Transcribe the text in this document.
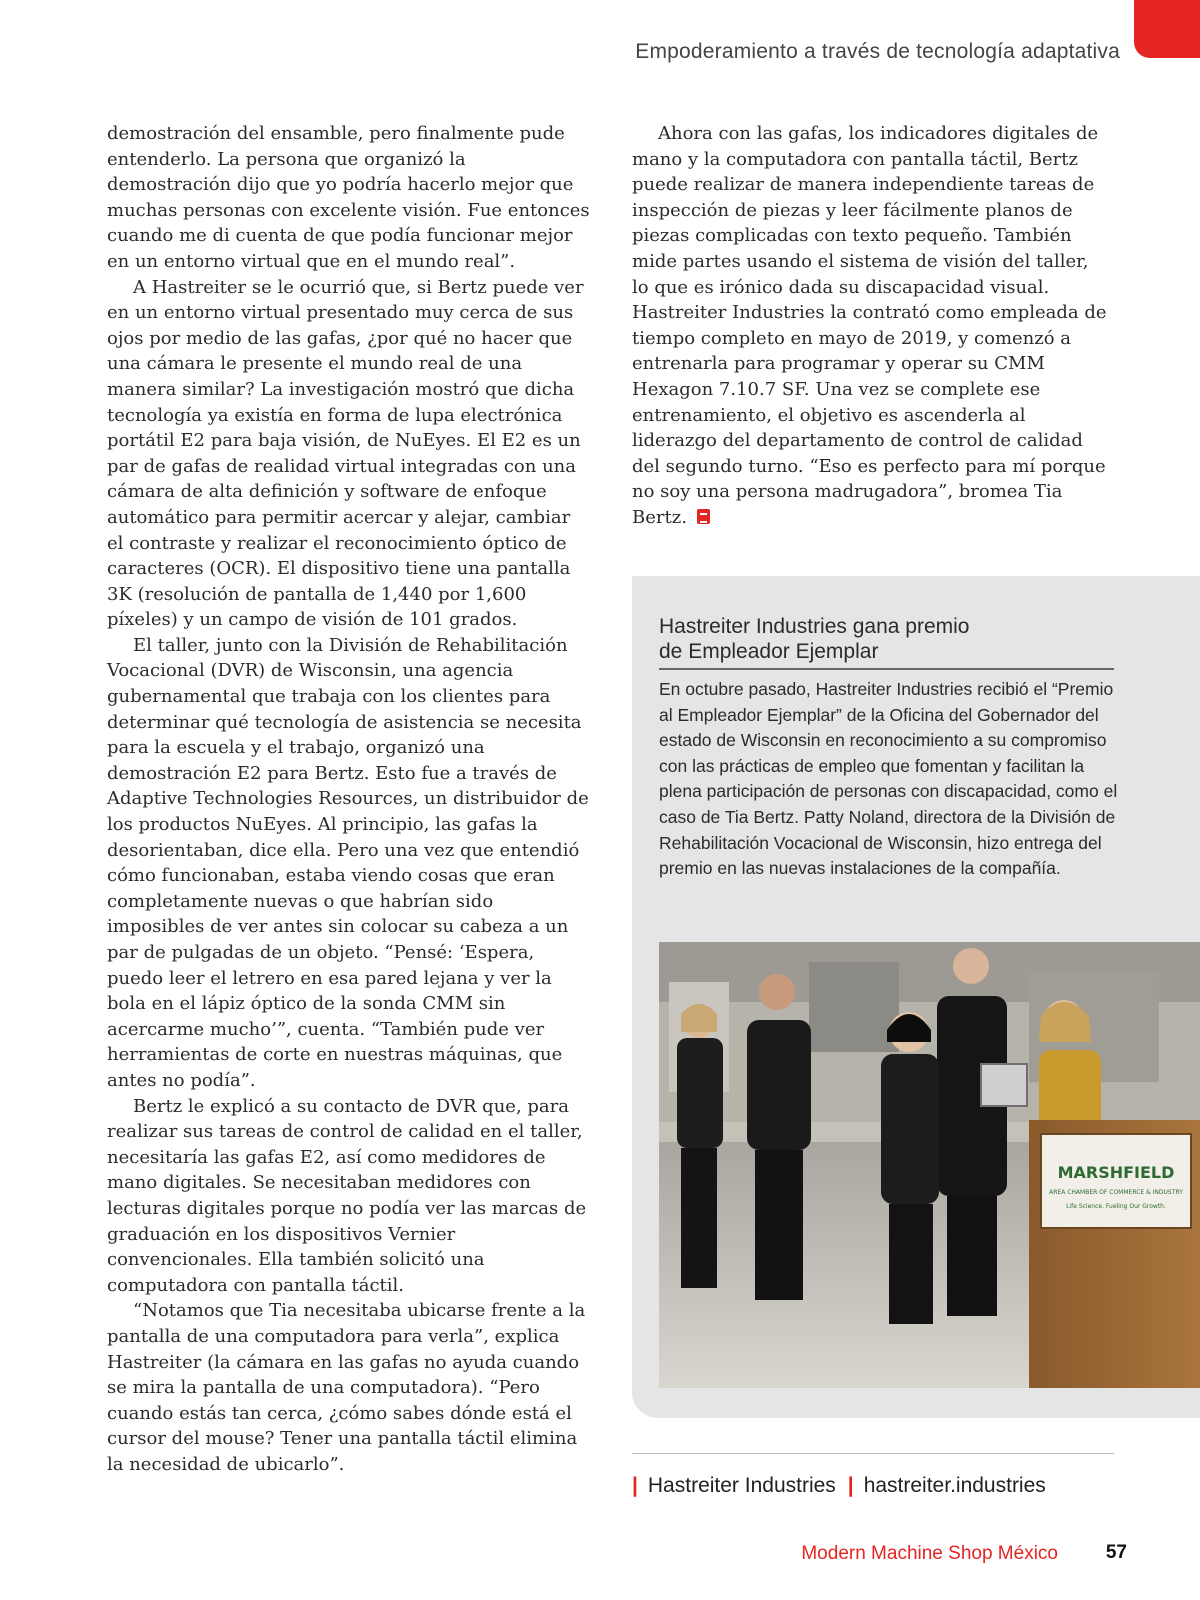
Empoderamiento a través de tecnología adaptativa

demostración del ensamble, pero finalmente pude entenderlo. La persona que organizó la demostración dijo que yo podría hacerlo mejor que muchas personas con excelente visión. Fue entonces cuando me di cuenta de que podía funcionar mejor en un entorno virtual que en el mundo real”.

A Hastreiter se le ocurrió que, si Bertz puede ver en un entorno virtual presentado muy cerca de sus ojos por medio de las gafas, ¿por qué no hacer que una cámara le presente el mundo real de una manera similar? La investigación mostró que dicha tecnología ya existía en forma de lupa electrónica portátil E2 para baja visión, de NuEyes. El E2 es un par de gafas de realidad virtual integradas con una cámara de alta definición y software de enfoque automático para permitir acercar y alejar, cambiar el contraste y realizar el reconocimiento óptico de caracteres (OCR). El dispositivo tiene una pantalla 3K (resolución de pantalla de 1,440 por 1,600 píxeles) y un campo de visión de 101 grados.

El taller, junto con la División de Rehabilitación Vocacional (DVR) de Wisconsin, una agencia gubernamental que trabaja con los clientes para determinar qué tecnología de asistencia se necesita para la escuela y el trabajo, organizó una demostración E2 para Bertz. Esto fue a través de Adaptive Technologies Resources, un distribuidor de los productos NuEyes. Al principio, las gafas la desorientaban, dice ella. Pero una vez que entendió cómo funcionaban, estaba viendo cosas que eran completamente nuevas o que habrían sido imposibles de ver antes sin colocar su cabeza a un par de pulgadas de un objeto. “Pensé: ‘Espera, puedo leer el letrero en esa pared lejana y ver la bola en el lápiz óptico de la sonda CMM sin acercarme mucho’”, cuenta. “También pude ver herramientas de corte en nuestras máquinas, que antes no podía”.

Bertz le explicó a su contacto de DVR que, para realizar sus tareas de control de calidad en el taller, necesitaría las gafas E2, así como medidores de mano digitales. Se necesitaban medidores con lecturas digitales porque no podía ver las marcas de graduación en los dispositivos Vernier convencionales. Ella también solicitó una computadora con pantalla táctil.

“Notamos que Tia necesitaba ubicarse frente a la pantalla de una computadora para verla”, explica Hastreiter (la cámara en las gafas no ayuda cuando se mira la pantalla de una computadora). “Pero cuando estás tan cerca, ¿cómo sabes dónde está el cursor del mouse? Tener una pantalla táctil elimina la necesidad de ubicarlo”.

Ahora con las gafas, los indicadores digitales de mano y la computadora con pantalla táctil, Bertz puede realizar de manera independiente tareas de inspección de piezas y leer fácilmente planos de piezas complicadas con texto pequeño. También mide partes usando el sistema de visión del taller, lo que es irónico dada su discapacidad visual. Hastreiter Industries la contrató como empleada de tiempo completo en mayo de 2019, y comenzó a entrenarla para programar y operar su CMM Hexagon 7.10.7 SF. Una vez se complete ese entrenamiento, el objetivo es ascenderla al liderazgo del departamento de control de calidad del segundo turno. “Eso es perfecto para mí porque no soy una persona madrugadora”, bromea Tia Bertz.

Hastreiter Industries gana premio
de Empleador Ejemplar
En octubre pasado, Hastreiter Industries recibió el “Premio al Empleador Ejemplar” de la Oficina del Gobernador del estado de Wisconsin en reconocimiento a su compromiso con las prácticas de empleo que fomentan y facilitan la plena participación de personas con discapacidad, como el caso de Tia Bertz. Patty Noland, directora de la División de Rehabilitación Vocacional de Wisconsin, hizo entrega del premio en las nuevas instalaciones de la compañía.
MARSHFIELD
AREA CHAMBER OF COMMERCE & INDUSTRY
Life Science. Fueling Our Growth.
| Hastreiter Industries | hastreiter.industries
Modern Machine Shop México	57
